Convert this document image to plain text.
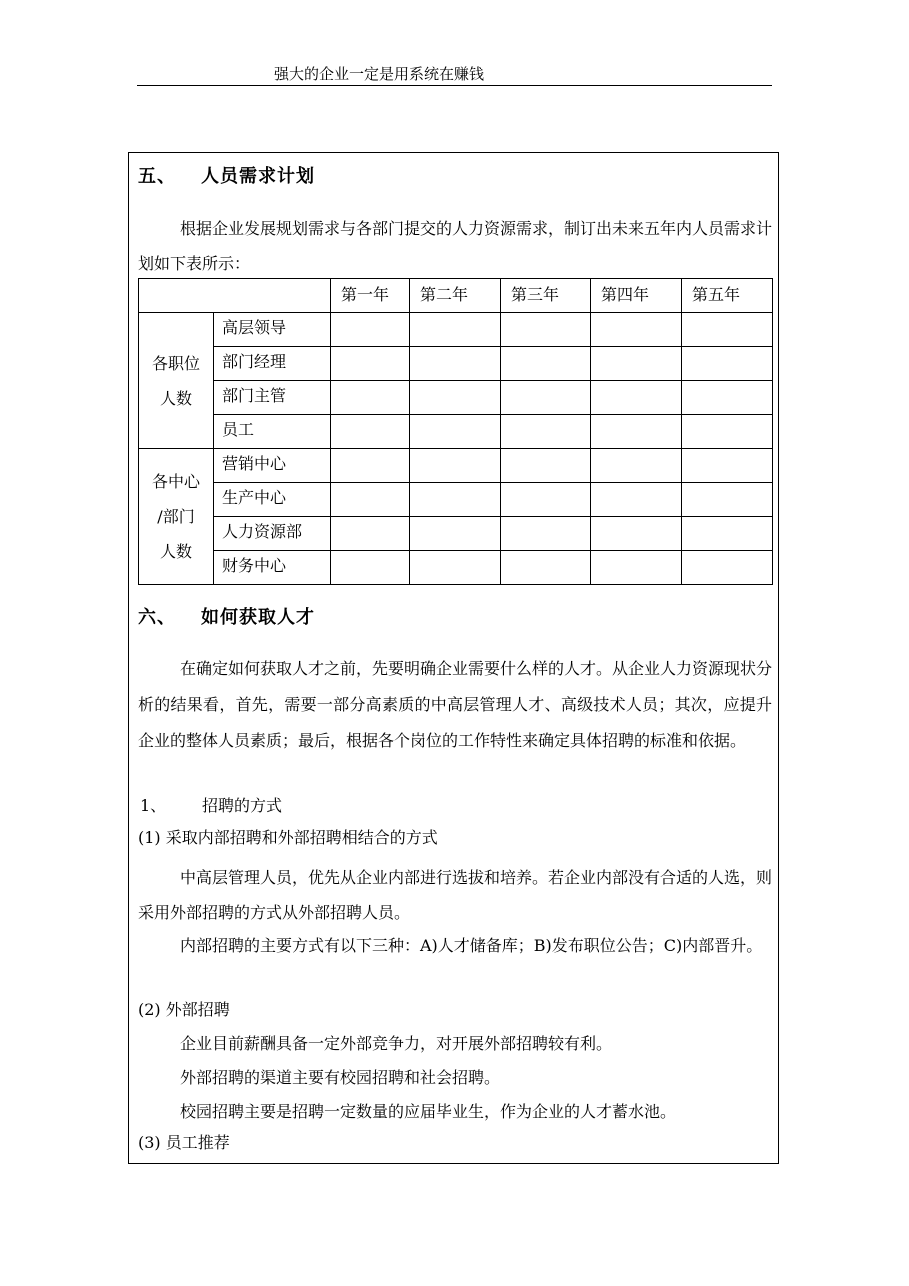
强大的企业一定是用系统在赚钱
五、 人员需求计划

根据企业发展规划需求与各部门提交的人力资源需求，制订出未来五年内人员需求计划如下表所示：

		第一年	第二年	第三年	第四年	第五年

各职位
人数	高层领导					
	部门经理					
	部门主管					
	员工					

各中心
/部门
人数	营销中心					
	生产中心					
	人力资源部					
	财务中心					
六、 如何获取人才

在确定如何获取人才之前，先要明确企业需要什么样的人才。从企业人力资源现状分析的结果看，首先，需要一部分高素质的中高层管理人才、高级技术人员；其次，应提升企业的整体人员素质；最后，根据各个岗位的工作特性来确定具体招聘的标准和依据。

1、 招聘的方式
(1) 采取内部招聘和外部招聘相结合的方式

中高层管理人员，优先从企业内部进行选拔和培养。若企业内部没有合适的人选，则采用外部招聘的方式从外部招聘人员。

内部招聘的主要方式有以下三种：A)人才储备库；B)发布职位公告；C)内部晋升。

(2) 外部招聘
企业目前薪酬具备一定外部竞争力，对开展外部招聘较有利。
外部招聘的渠道主要有校园招聘和社会招聘。
校园招聘主要是招聘一定数量的应届毕业生，作为企业的人才蓄水池。
(3) 员工推荐
